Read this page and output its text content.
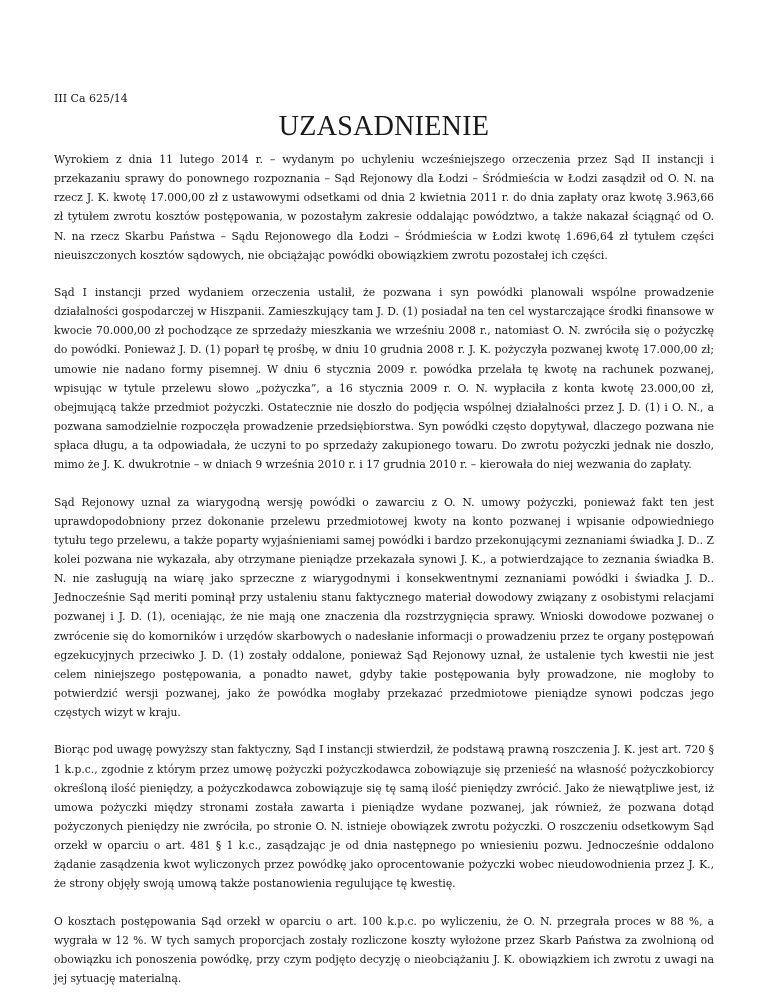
III Ca 625/14
UZASADNIENIE

Wyrokiem z dnia 11 lutego 2014 r. – wydanym po uchyleniu wcześniejszego orzeczenia przez Sąd II instancji i przekazaniu sprawy do ponownego rozpoznania – Sąd Rejonowy dla Łodzi – Śródmieścia w Łodzi zasądził od O. N. na rzecz J. K. kwotę 17.000,00 zł z ustawowymi odsetkami od dnia 2 kwietnia 2011 r. do dnia zapłaty oraz kwotę 3.963,66 zł tytułem zwrotu kosztów postępowania, w pozostałym zakresie oddalając powództwo, a także nakazał ściągnąć od O. N. na rzecz Skarbu Państwa – Sądu Rejonowego dla Łodzi – Śródmieścia w Łodzi kwotę 1.696,64 zł tytułem części nieuiszczonych kosztów sądowych, nie obciążając powódki obowiązkiem zwrotu pozostałej ich części.

Sąd I instancji przed wydaniem orzeczenia ustalił, że pozwana i syn powódki planowali wspólne prowadzenie działalności gospodarczej w Hiszpanii. Zamieszkujący tam J. D. (1) posiadał na ten cel wystarczające środki finansowe w kwocie 70.000,00 zł pochodzące ze sprzedaży mieszkania we wrześniu 2008 r., natomiast O. N. zwróciła się o pożyczkę do powódki. Ponieważ J. D. (1) poparł tę prośbę, w dniu 10 grudnia 2008 r. J. K. pożyczyła pozwanej kwotę 17.000,00 zł; umowie nie nadano formy pisemnej. W dniu 6 stycznia 2009 r. powódka przelała tę kwotę na rachunek pozwanej, wpisując w tytule przelewu słowo „pożyczka”, a 16 stycznia 2009 r. O. N. wypłaciła z konta kwotę 23.000,00 zł, obejmującą także przedmiot pożyczki. Ostatecznie nie doszło do podjęcia wspólnej działalności przez J. D. (1) i O. N., a pozwana samodzielnie rozpoczęła prowadzenie przedsiębiorstwa. Syn powódki często dopytywał, dlaczego pozwana nie spłaca długu, a ta odpowiadała, że uczyni to po sprzedaży zakupionego towaru. Do zwrotu pożyczki jednak nie doszło, mimo że J. K. dwukrotnie – w dniach 9 września 2010 r. i 17 grudnia 2010 r. – kierowała do niej wezwania do zapłaty.

Sąd Rejonowy uznał za wiarygodną wersję powódki o zawarciu z O. N. umowy pożyczki, ponieważ fakt ten jest uprawdopodobniony przez dokonanie przelewu przedmiotowej kwoty na konto pozwanej i wpisanie odpowiedniego tytułu tego przelewu, a także poparty wyjaśnieniami samej powódki i bardzo przekonującymi zeznaniami świadka J. D.. Z kolei pozwana nie wykazała, aby otrzymane pieniądze przekazała synowi J. K., a potwierdzające to zeznania świadka B. N. nie zasługują na wiarę jako sprzeczne z wiarygodnymi i konsekwentnymi zeznaniami powódki i świadka J. D.. Jednocześnie Sąd meriti pominął przy ustaleniu stanu faktycznego materiał dowodowy związany z osobistymi relacjami pozwanej i J. D. (1), oceniając, że nie mają one znaczenia dla rozstrzygnięcia sprawy. Wnioski dowodowe pozwanej o zwrócenie się do komorników i urzędów skarbowych o nadesłanie informacji o prowadzeniu przez te organy postępowań egzekucyjnych przeciwko J. D. (1) zostały oddalone, ponieważ Sąd Rejonowy uznał, że ustalenie tych kwestii nie jest celem niniejszego postępowania, a ponadto nawet, gdyby takie postępowania były prowadzone, nie mogłoby to potwierdzić wersji pozwanej, jako że powódka mogłaby przekazać przedmiotowe pieniądze synowi podczas jego częstych wizyt w kraju.

Biorąc pod uwagę powyższy stan faktyczny, Sąd I instancji stwierdził, że podstawą prawną roszczenia J. K. jest art. 720 § 1 k.p.c., zgodnie z którym przez umowę pożyczki pożyczkodawca zobowiązuje się przenieść na własność pożyczkobiorcy określoną ilość pieniędzy, a pożyczkodawca zobowiązuje się tę samą ilość pieniędzy zwrócić. Jako że niewątpliwe jest, iż umowa pożyczki między stronami została zawarta i pieniądze wydane pozwanej, jak również, że pozwana dotąd pożyczonych pieniędzy nie zwróciła, po stronie O. N. istnieje obowiązek zwrotu pożyczki. O roszczeniu odsetkowym Sąd orzekł w oparciu o art. 481 § 1 k.c., zasądzając je od dnia następnego po wniesieniu pozwu. Jednocześnie oddalono żądanie zasądzenia kwot wyliczonych przez powódkę jako oprocentowanie pożyczki wobec nieudowodnienia przez J. K., że strony objęły swoją umową także postanowienia regulujące tę kwestię.

O kosztach postępowania Sąd orzekł w oparciu o art. 100 k.p.c. po wyliczeniu, że O. N. przegrała proces w 88 %, a wygrała w 12 %. W tych samych proporcjach zostały rozliczone koszty wyłożone przez Skarb Państwa za zwolnioną od obowiązku ich ponoszenia powódkę, przy czym podjęto decyzję o nieobciążaniu J. K. obowiązkiem ich zwrotu z uwagi na jej sytuację materialną.
